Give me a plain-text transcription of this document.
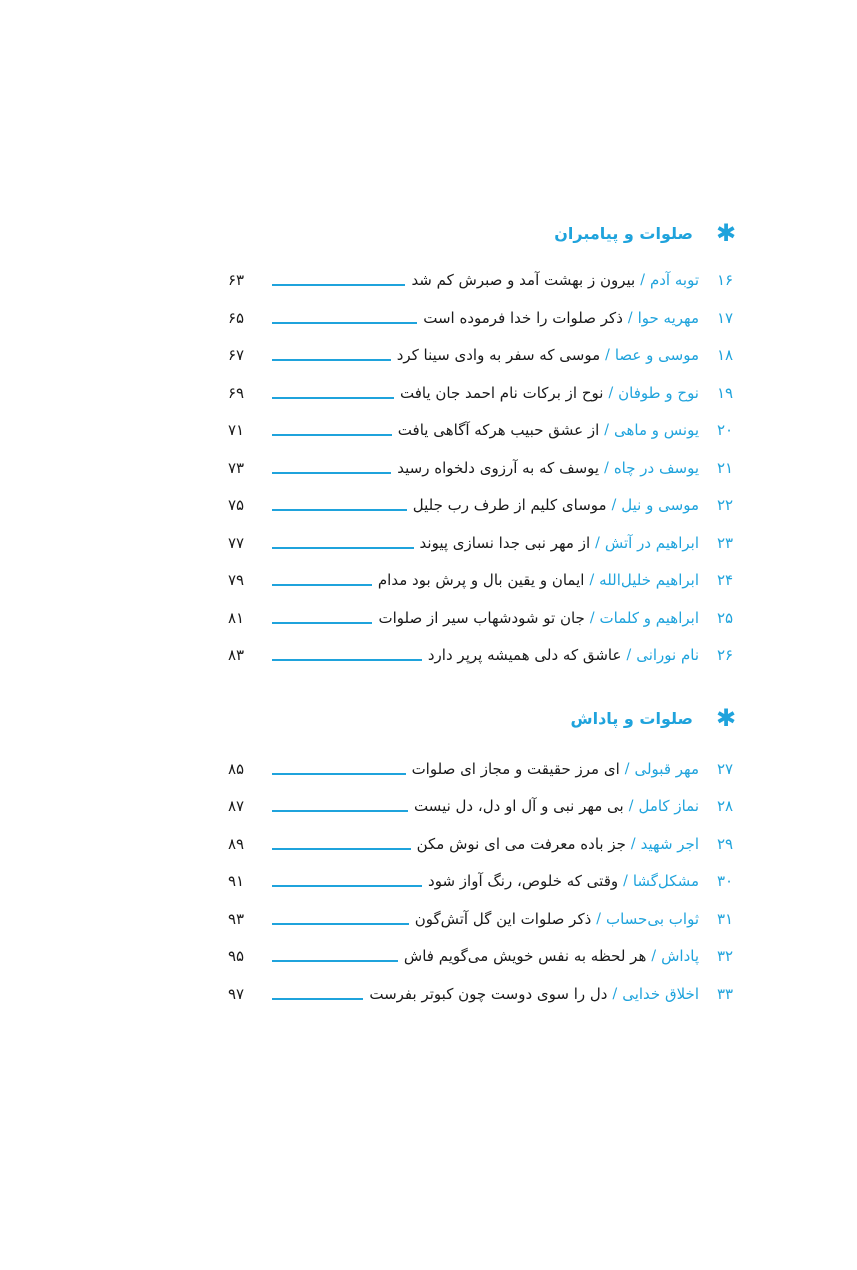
✱
صلوات و پیامبران
۱۶
توبه آدم
/
بیرون ز بهشت آمد و صبرش کم شد
۶۳
۱۷
مهریه حوا
/
ذکر صلوات را خدا فرموده است
۶۵
۱۸
موسی و عصا
/
موسی که سفر به وادی سینا کرد
۶۷
۱۹
نوح و طوفان
/
نوح از برکات نام احمد جان یافت
۶۹
۲۰
یونس و ماهی
/
از عشق حبیب هرکه آگاهی یافت
۷۱
۲۱
یوسف در چاه
/
یوسف که به آرزوی دلخواه رسید
۷۳
۲۲
موسی و نیل
/
موسای کلیم از طرف رب جلیل
۷۵
۲۳
ابراهیم در آتش
/
از مهر نبی جدا نسازی پیوند
۷۷
۲۴
ابراهیم خلیل‌الله
/
ایمان و یقین بال و پرش بود مدام
۷۹
۲۵
ابراهیم و کلمات
/
جان تو شودشهاب سیر از صلوات
۸۱
۲۶
نام نورانی
/
عاشق که دلی همیشه پرپر دارد
۸۳
✱
صلوات و پاداش
۲۷
مهر قبولی
/
ای مرز حقیقت و مجاز ای صلوات
۸۵
۲۸
نماز کامل
/
بی مهر نبی و آل او دل، دل نیست
۸۷
۲۹
اجر شهید
/
جز باده معرفت می ای نوش مکن
۸۹
۳۰
مشکل‌گشا
/
وقتی که خلوص، رنگ آواز شود
۹۱
۳۱
ثواب بی‌حساب
/
ذکر صلوات این گل آتش‌گون
۹۳
۳۲
پاداش
/
هر لحظه به نفس خویش می‌گویم فاش
۹۵
۳۳
اخلاق خدایی
/
دل را سوی دوست چون کبوتر بفرست
۹۷
